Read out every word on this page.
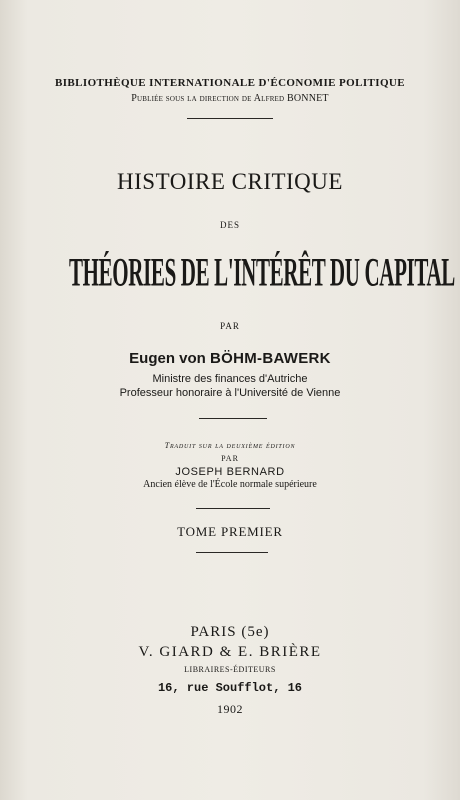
BIBLIOTHÈQUE INTERNATIONALE D'ÉCONOMIE POLITIQUE
Publiée sous la direction de Alfred BONNET
HISTOIRE CRITIQUE
DES
THÉORIES DE L'INTÉRÊT DU CAPITAL
PAR
Eugen von BÖHM-BAWERK
Ministre des finances d'Autriche
Professeur honoraire à l'Université de Vienne
Traduit sur la deuxième édition
PAR
JOSEPH BERNARD
Ancien élève de l'École normale supérieure
TOME PREMIER
PARIS (5e)
V. GIARD & E. BRIÈRE
LIBRAIRES-ÉDITEURS
16, rue Soufflot, 16
1902
